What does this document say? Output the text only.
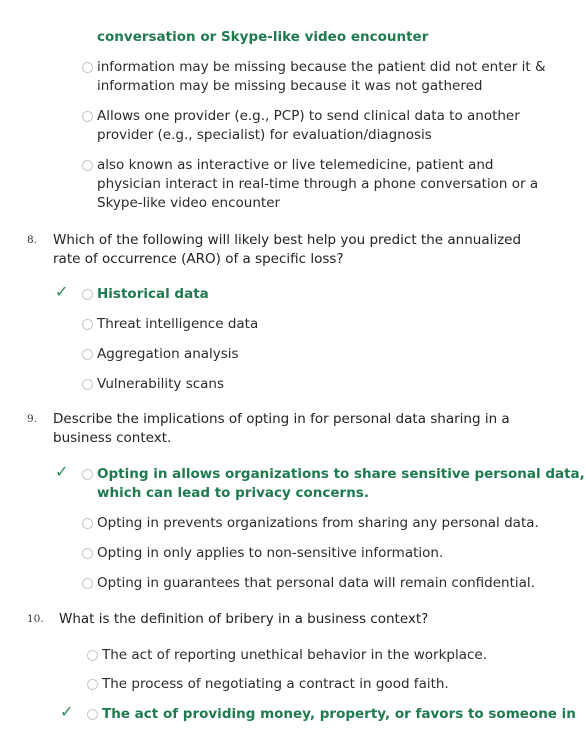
conversation or Skype-like video encounter
information may be missing because the patient did not enter it &
information may be missing because it was not gathered
Allows one provider (e.g., PCP) to send clinical data to another
provider (e.g., specialist) for evaluation/diagnosis
also known as interactive or live telemedicine, patient and
physician interact in real-time through a phone conversation or a
Skype-like video encounter
8. Which of the following will likely best help you predict the annualized
rate of occurrence (ARO) of a specific loss?
✓ Historical data
Threat intelligence data
Aggregation analysis
Vulnerability scans
9. Describe the implications of opting in for personal data sharing in a
business context.
✓ Opting in allows organizations to share sensitive personal data,
which can lead to privacy concerns.
Opting in prevents organizations from sharing any personal data.
Opting in only applies to non-sensitive information.
Opting in guarantees that personal data will remain confidential.
10. What is the definition of bribery in a business context?
The act of reporting unethical behavior in the workplace.
The process of negotiating a contract in good faith.
✓ The act of providing money, property, or favors to someone in
